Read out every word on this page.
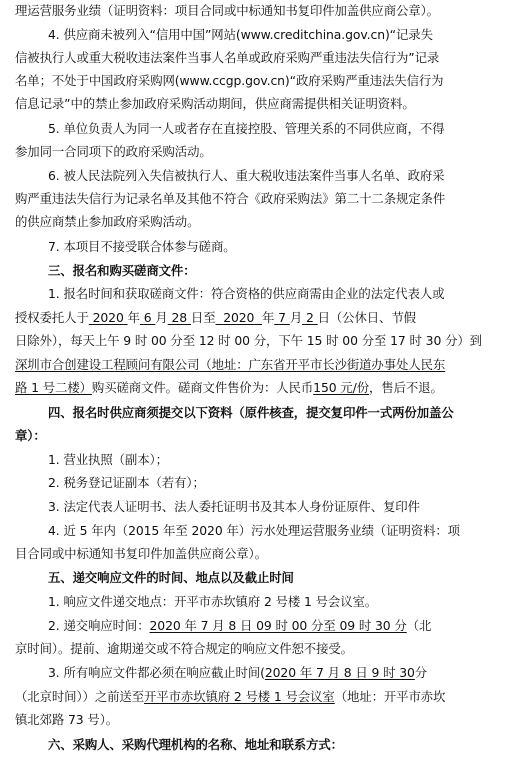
理运营服务业绩（证明资料：项目合同或中标通知书复印件加盖供应商公章）。
4. 供应商未被列入“信用中国”网站(www.creditchina.gov.cn)“记录失
信被执行人或重大税收违法案件当事人名单或政府采购严重违法失信行为”记录
名单；不处于中国政府采购网(www.ccgp.gov.cn)“政府采购严重违法失信行为
信息记录”中的禁止参加政府采购活动期间，供应商需提供相关证明资料。
5. 单位负责人为同一人或者存在直接控股、管理关系的不同供应商，不得
参加同一合同项下的政府采购活动。
6. 被人民法院列入失信被执行人、重大税收违法案件当事人名单、政府采
购严重违法失信行为记录名单及其他不符合《政府采购法》第二十二条规定条件
的供应商禁止参加政府采购活动。
7. 本项目不接受联合体参与磋商。
三、报名和购买磋商文件：
1. 报名时间和获取磋商文件：符合资格的供应商需由企业的法定代表人或
授权委托人于 2020 年 6 月 28 日至 2020 年 7 月 2 日（公休日、节假
日除外），每天上午 9 时 00 分至 12 时 00 分，下午 15 时 00 分至 17 时 30 分）到
深圳市合创建设工程顾问有限公司（地址：广东省开平市长沙街道办事处人民东
路 1 号二楼）购买磋商文件。磋商文件售价为：人民币150 元/份，售后不退。
四、报名时供应商须提交以下资料（原件核查，提交复印件一式两份加盖公
章）：
1. 营业执照（副本）；
2. 税务登记证副本（若有）；
3. 法定代表人证明书、法人委托证明书及其本人身份证原件、复印件
4. 近 5 年内（2015 年至 2020 年）污水处理运营服务业绩（证明资料：项
目合同或中标通知书复印件加盖供应商公章）。
五、递交响应文件的时间、地点以及截止时间
1. 响应文件递交地点：开平市赤坎镇府 2 号楼 1 号会议室。
2. 递交响应时间：2020 年 7 月 8 日 09 时 00 分至 09 时 30 分（北
京时间）。提前、逾期递交或不符合规定的响应文件恕不接受。
3. 所有响应文件都必须在响应截止时间(2020 年 7 月 8 日 9 时 30分
（北京时间））之前送至开平市赤坎镇府 2 号楼 1 号会议室（地址：开平市赤坎
镇北郊路 73 号）。
六、采购人、采购代理机构的名称、地址和联系方式：
